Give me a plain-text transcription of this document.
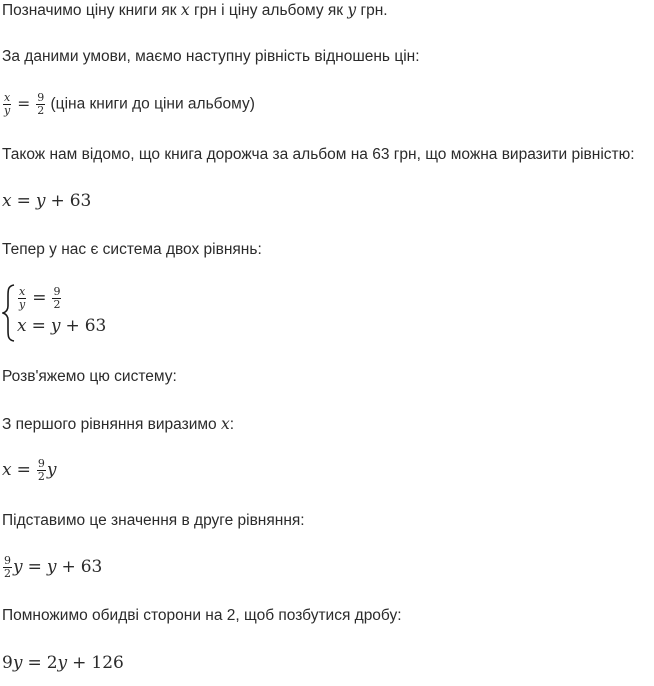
Позначимо ціну книги як x грн і ціну альбому як y грн.
За даними умови, маємо наступну рівність відношень цін:
$\frac{x}{y} = \frac{9}{2}$ (ціна книги до ціни альбому)
Також нам відомо, що книга дорожча за альбом на 63 грн, що можна виразити рівністю:
x = y + 63
Тепер у нас є система двох рівнянь:
$\frac{x}{y} = \frac{9}{2}$
x = y + 63
Розв'яжемо цю систему:
З першого рівняння виразимо x:
$x = \frac{9}{2}$ y
Підставимо це значення в друге рівняння:
$\frac{9}{2}$ y = y + 63
Помножимо обидві сторони на 2, щоб позбутися дробу:
9y = 2y + 126
